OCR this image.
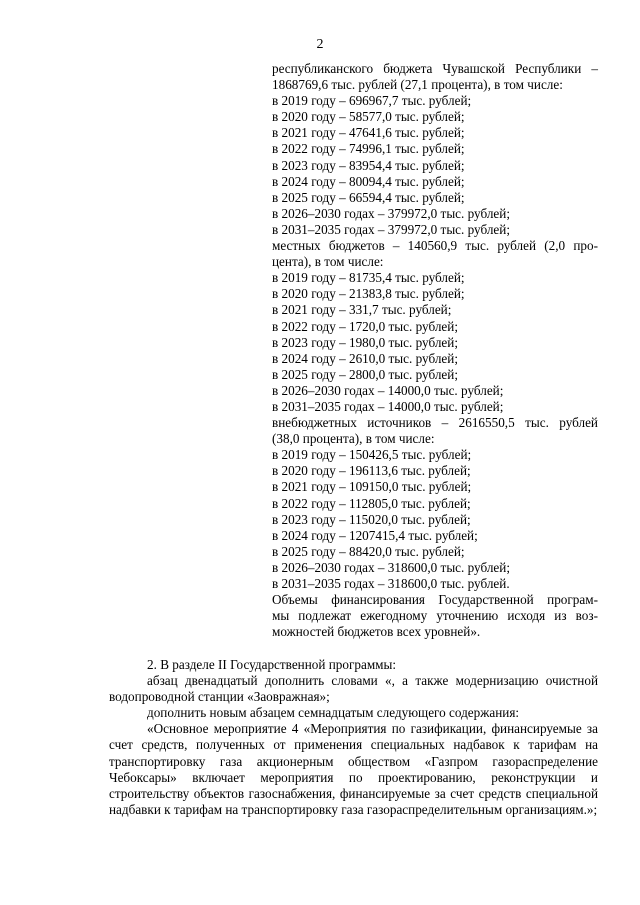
2
республиканского бюджета Чувашской Республики –
1868769,6 тыс. рублей (27,1 процента), в том числе:
в 2019 году – 696967,7 тыс. рублей;
в 2020 году – 58577,0 тыс. рублей;
в 2021 году – 47641,6 тыс. рублей;
в 2022 году – 74996,1 тыс. рублей;
в 2023 году – 83954,4 тыс. рублей;
в 2024 году – 80094,4 тыс. рублей;
в 2025 году – 66594,4 тыс. рублей;
в 2026–2030 годах – 379972,0 тыс. рублей;
в 2031–2035 годах – 379972,0 тыс. рублей;
местных бюджетов – 140560,9 тыс. рублей (2,0 про-
цента), в том числе:
в 2019 году – 81735,4 тыс. рублей;
в 2020 году – 21383,8 тыс. рублей;
в 2021 году – 331,7 тыс. рублей;
в 2022 году – 1720,0 тыс. рублей;
в 2023 году – 1980,0 тыс. рублей;
в 2024 году – 2610,0 тыс. рублей;
в 2025 году – 2800,0 тыс. рублей;
в 2026–2030 годах – 14000,0 тыс. рублей;
в 2031–2035 годах – 14000,0 тыс. рублей;
внебюджетных источников – 2616550,5 тыс. рублей
(38,0 процента), в том числе:
в 2019 году – 150426,5 тыс. рублей;
в 2020 году – 196113,6 тыс. рублей;
в 2021 году – 109150,0 тыс. рублей;
в 2022 году – 112805,0 тыс. рублей;
в 2023 году – 115020,0 тыс. рублей;
в 2024 году – 1207415,4 тыс. рублей;
в 2025 году – 88420,0 тыс. рублей;
в 2026–2030 годах – 318600,0 тыс. рублей;
в 2031–2035 годах – 318600,0 тыс. рублей.
Объемы финансирования Государственной програм-
мы подлежат ежегодному уточнению исходя из воз-
можностей бюджетов всех уровней».

2. В разделе II Государственной программы:

абзац двенадцатый дополнить словами «, а также модернизацию очистной водопроводной станции «Заовражная»;

дополнить новым абзацем семнадцатым следующего содержания:

«Основное мероприятие 4 «Мероприятия по газификации, финансируемые за счет средств, полученных от применения специальных надбавок к тарифам на транспортировку газа акционерным обществом «Газпром газораспределение Чебоксары» включает мероприятия по проектированию, реконструкции и строительству объектов газоснабжения, финансируемые за счет средств специальной надбавки к тарифам на транспортировку газа газораспределительным организациям.»;
